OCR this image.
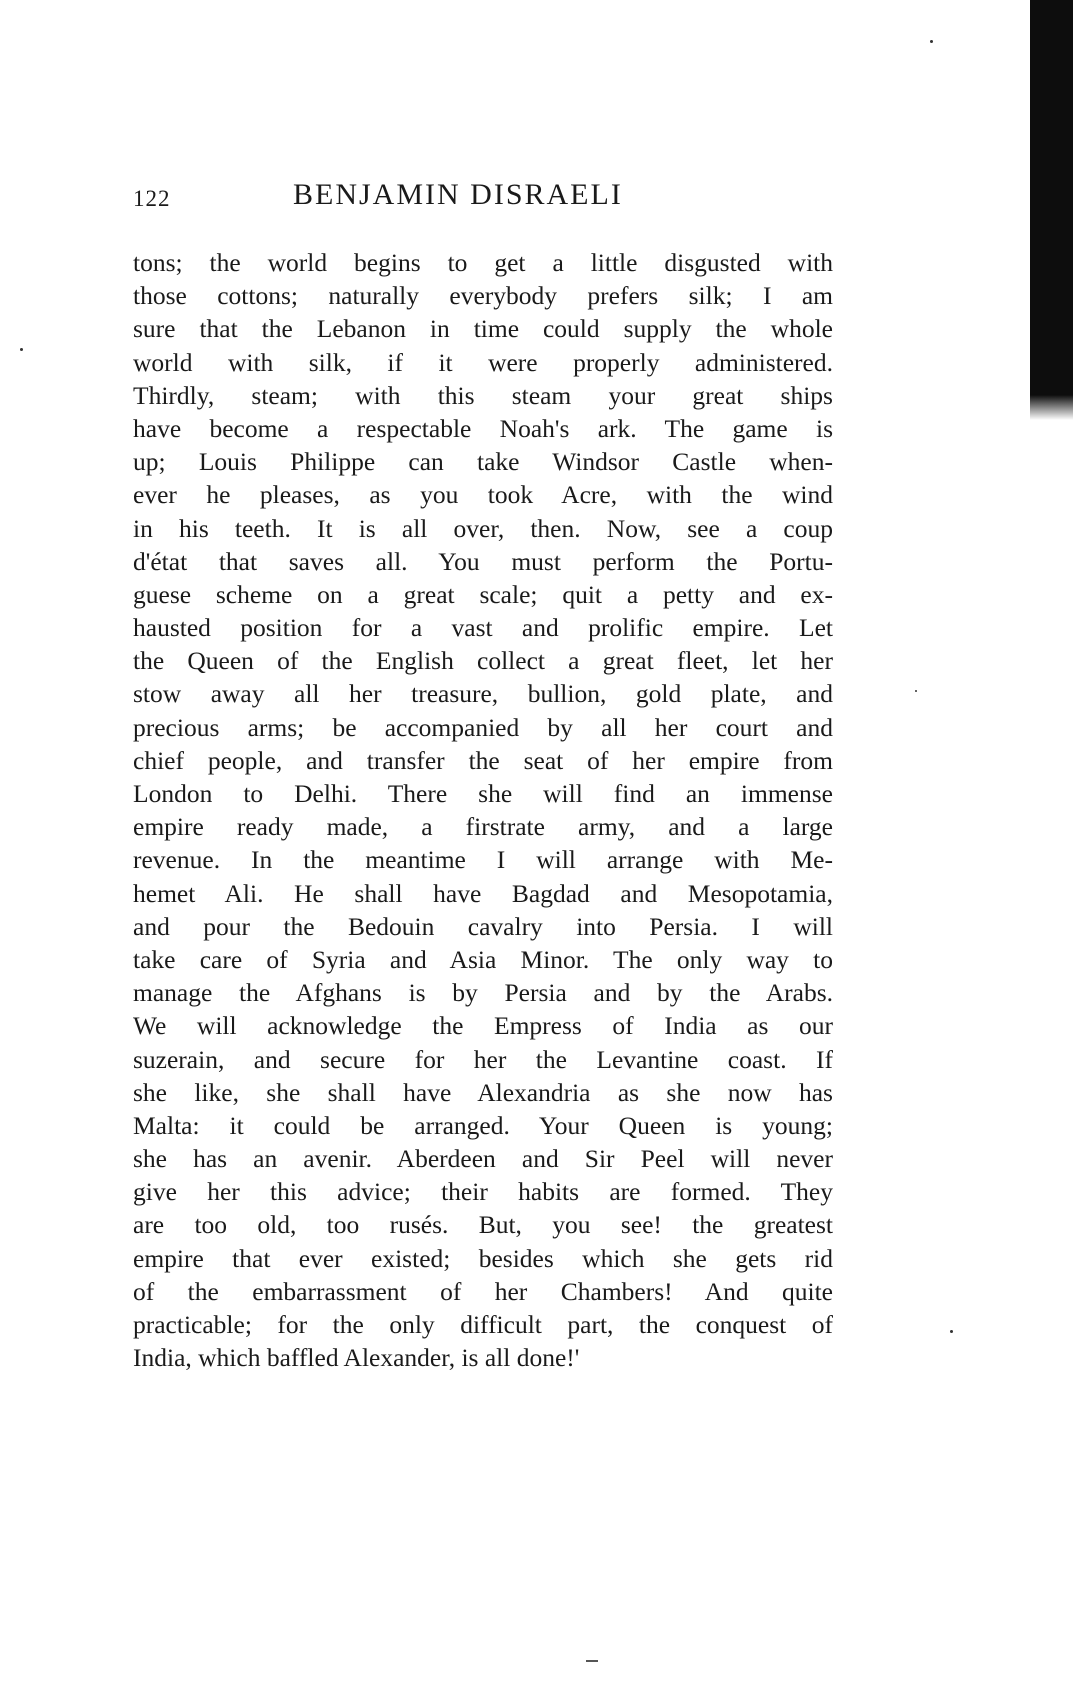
122	BENJAMIN DISRAELI
tons; the world begins to get a little disgusted with
those cottons; naturally everybody prefers silk; I am
sure that the Lebanon in time could supply the whole
world with silk, if it were properly administered.
Thirdly, steam; with this steam your great ships
have become a respectable Noah's ark. The game is
up; Louis Philippe can take Windsor Castle when-
ever he pleases, as you took Acre, with the wind
in his teeth. It is all over, then. Now, see a coup
d'état that saves all. You must perform the Portu-
guese scheme on a great scale; quit a petty and ex-
hausted position for a vast and prolific empire. Let
the Queen of the English collect a great fleet, let her
stow away all her treasure, bullion, gold plate, and
precious arms; be accompanied by all her court and
chief people, and transfer the seat of her empire from
London to Delhi. There she will find an immense
empire ready made, a firstrate army, and a large
revenue. In the meantime I will arrange with Me-
hemet Ali. He shall have Bagdad and Mesopotamia,
and pour the Bedouin cavalry into Persia. I will
take care of Syria and Asia Minor. The only way to
manage the Afghans is by Persia and by the Arabs.
We will acknowledge the Empress of India as our
suzerain, and secure for her the Levantine coast. If
she like, she shall have Alexandria as she now has
Malta: it could be arranged. Your Queen is young;
she has an avenir. Aberdeen and Sir Peel will never
give her this advice; their habits are formed. They
are too old, too rusés. But, you see! the greatest
empire that ever existed; besides which she gets rid
of the embarrassment of her Chambers! And quite
practicable; for the only difficult part, the conquest of
India, which baffled Alexander, is all done!'
